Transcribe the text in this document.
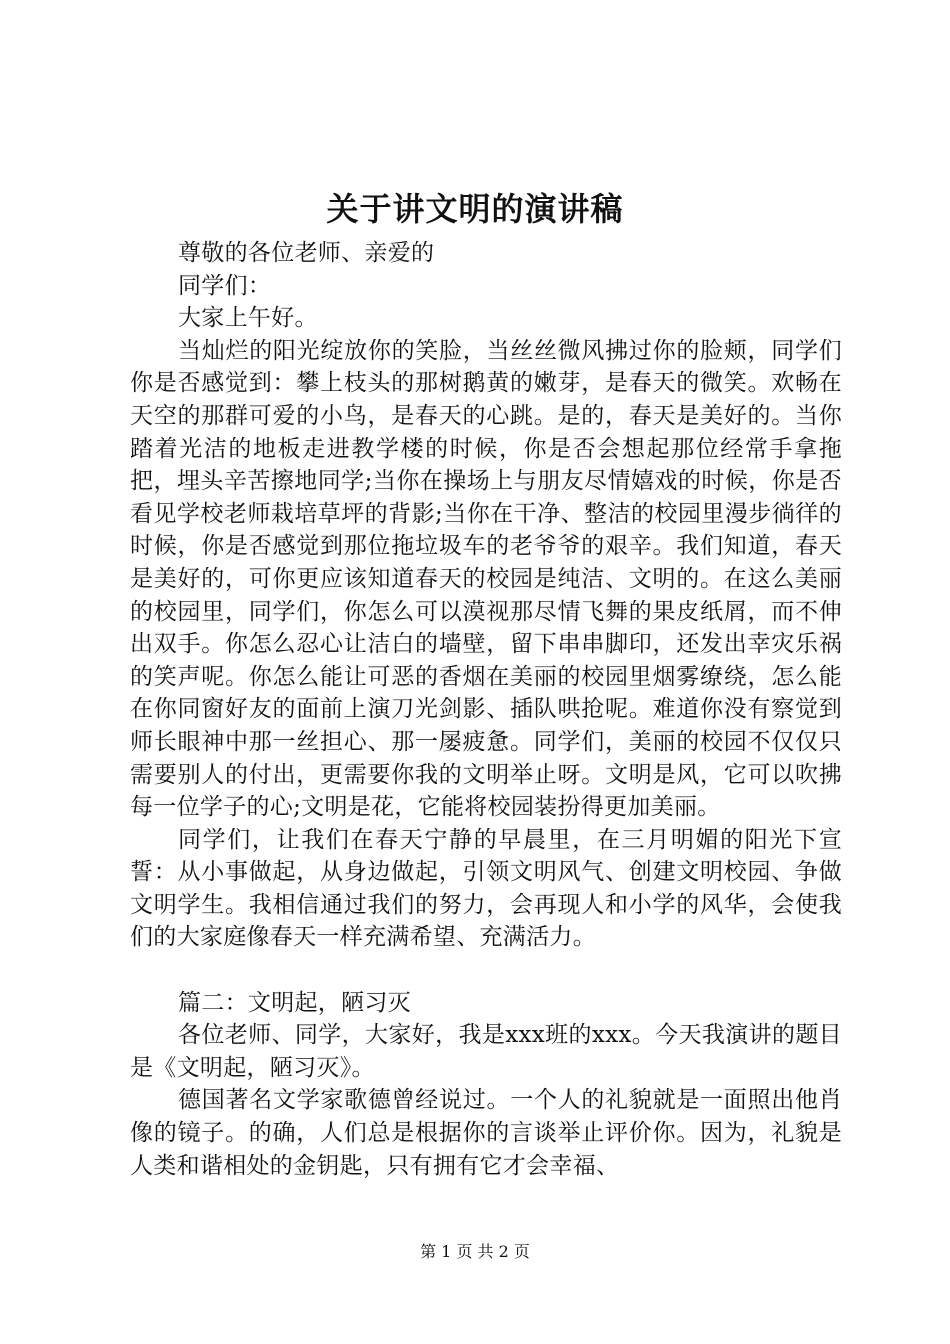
关于讲文明的演讲稿

尊敬的各位老师、亲爱的

同学们：

大家上午好。

当灿烂的阳光绽放你的笑脸，当丝丝微风拂过你的脸颊，同学们你是否感觉到：攀上枝头的那树鹅黄的嫩芽，是春天的微笑。欢畅在天空的那群可爱的小鸟，是春天的心跳。是的，春天是美好的。当你踏着光洁的地板走进教学楼的时候，你是否会想起那位经常手拿拖把，埋头辛苦擦地同学;当你在操场上与朋友尽情嬉戏的时候，你是否看见学校老师栽培草坪的背影;当你在干净、整洁的校园里漫步徜徉的时候，你是否感觉到那位拖垃圾车的老爷爷的艰辛。我们知道，春天是美好的，可你更应该知道春天的校园是纯洁、文明的。在这么美丽的校园里，同学们，你怎么可以漠视那尽情飞舞的果皮纸屑，而不伸出双手。你怎么忍心让洁白的墙壁，留下串串脚印，还发出幸灾乐祸的笑声呢。你怎么能让可恶的香烟在美丽的校园里烟雾缭绕，怎么能在你同窗好友的面前上演刀光剑影、插队哄抢呢。难道你没有察觉到师长眼神中那一丝担心、那一屡疲惫。同学们，美丽的校园不仅仅只需要别人的付出，更需要你我的文明举止呀。文明是风，它可以吹拂每一位学子的心;文明是花，它能将校园装扮得更加美丽。

同学们，让我们在春天宁静的早晨里，在三月明媚的阳光下宣誓：从小事做起，从身边做起，引领文明风气、创建文明校园、争做文明学生。我相信通过我们的努力，会再现人和小学的风华，会使我们的大家庭像春天一样充满希望、充满活力。

篇二：文明起，陋习灭

各位老师、同学，大家好，我是xxx班的xxx。今天我演讲的题目是《文明起，陋习灭》。

德国著名文学家歌德曾经说过。一个人的礼貌就是一面照出他肖像的镜子。的确，人们总是根据你的言谈举止评价你。因为，礼貌是人类和谐相处的金钥匙，只有拥有它才会幸福、

第 1 页 共 2 页
